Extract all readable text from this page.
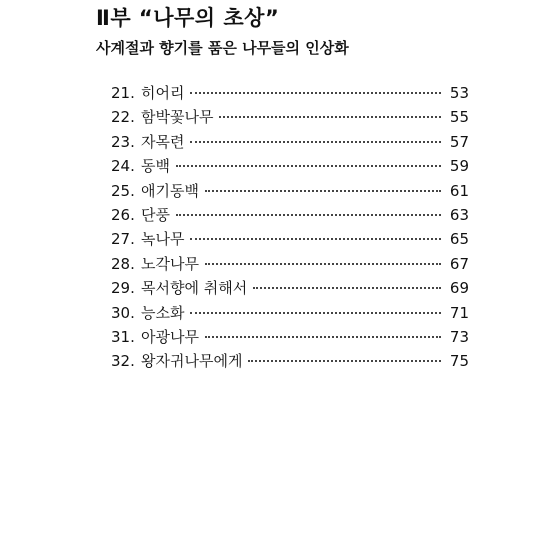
Ⅱ부 “나무의 초상”
사계절과 향기를 품은 나무들의 인상화
21. 히어리	53
22. 함박꽃나무	55
23. 자목련	57
24. 동백	59
25. 애기동백	61
26. 단풍	63
27. 녹나무	65
28. 노각나무	67
29. 목서향에 취해서	69
30. 능소화	71
31. 아광나무	73
32. 왕자귀나무에게	75
